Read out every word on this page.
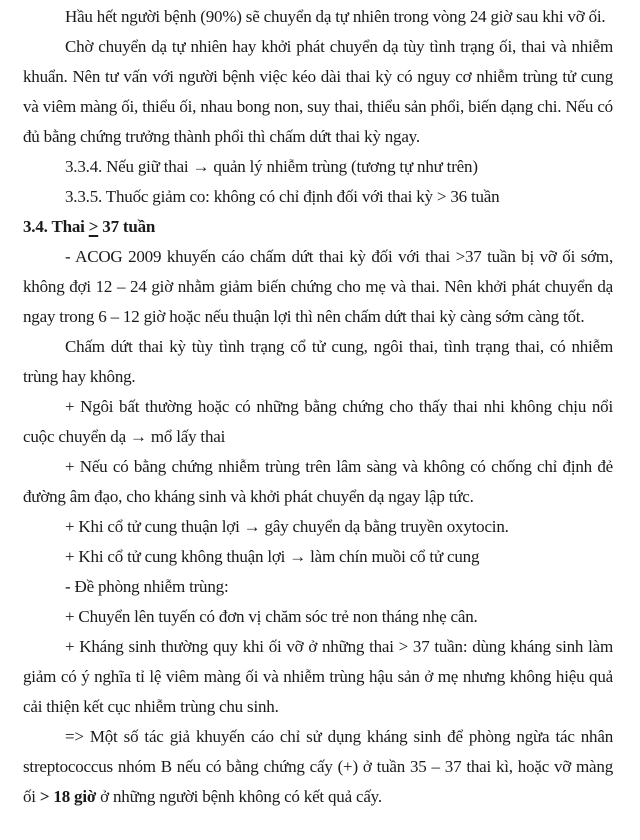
Hầu hết người bệnh (90%) sẽ chuyển dạ tự nhiên trong vòng 24 giờ sau khi vỡ ối.

Chờ chuyển dạ tự nhiên hay khởi phát chuyển dạ tùy tình trạng ối, thai và nhiễm khuẩn. Nên tư vấn với người bệnh việc kéo dài thai kỳ có nguy cơ nhiễm trùng tử cung và viêm màng ối, thiểu ối, nhau bong non, suy thai, thiểu sản phổi, biến dạng chi. Nếu có đủ bằng chứng trưởng thành phổi thì chấm dứt thai kỳ ngay.

3.3.4. Nếu giữ thai → quản lý nhiễm trùng (tương tự như trên)

3.3.5. Thuốc giảm co: không có chỉ định đối với thai kỳ > 36 tuần

3.4. Thai ≥ 37 tuần

- ACOG 2009 khuyến cáo chấm dứt thai kỳ đối với thai >37 tuần bị vỡ ối sớm, không đợi 12 – 24 giờ nhằm giảm biến chứng cho mẹ và thai. Nên khởi phát chuyển dạ ngay trong 6 – 12 giờ hoặc nếu thuận lợi thì nên chấm dứt thai kỳ càng sớm càng tốt.

Chấm dứt thai kỳ tùy tình trạng cổ tử cung, ngôi thai, tình trạng thai, có nhiễm trùng hay không.

+ Ngôi bất thường hoặc có những bằng chứng cho thấy thai nhi không chịu nổi cuộc chuyển dạ → mổ lấy thai

+ Nếu có bằng chứng nhiễm trùng trên lâm sàng và không có chống chỉ định đẻ đường âm đạo, cho kháng sinh và khởi phát chuyển dạ ngay lập tức.

+ Khi cổ tử cung thuận lợi → gây chuyển dạ bằng truyền oxytocin.

+ Khi cổ tử cung không thuận lợi → làm chín muồi cổ tử cung

- Đề phòng nhiễm trùng:

+ Chuyển lên tuyến có đơn vị chăm sóc trẻ non tháng nhẹ cân.

+ Kháng sinh thường quy khi ối vỡ ở những thai > 37 tuần: dùng kháng sinh làm giảm có ý nghĩa tỉ lệ viêm màng ối và nhiễm trùng hậu sản ở mẹ nhưng không hiệu quả cải thiện kết cục nhiễm trùng chu sinh.

=> Một số tác giả khuyến cáo chỉ sử dụng kháng sinh để phòng ngừa tác nhân streptococcus nhóm B nếu có bằng chứng cấy (+) ở tuần 35 – 37 thai kì, hoặc vỡ màng ối > 18 giờ ở những người bệnh không có kết quả cấy.
